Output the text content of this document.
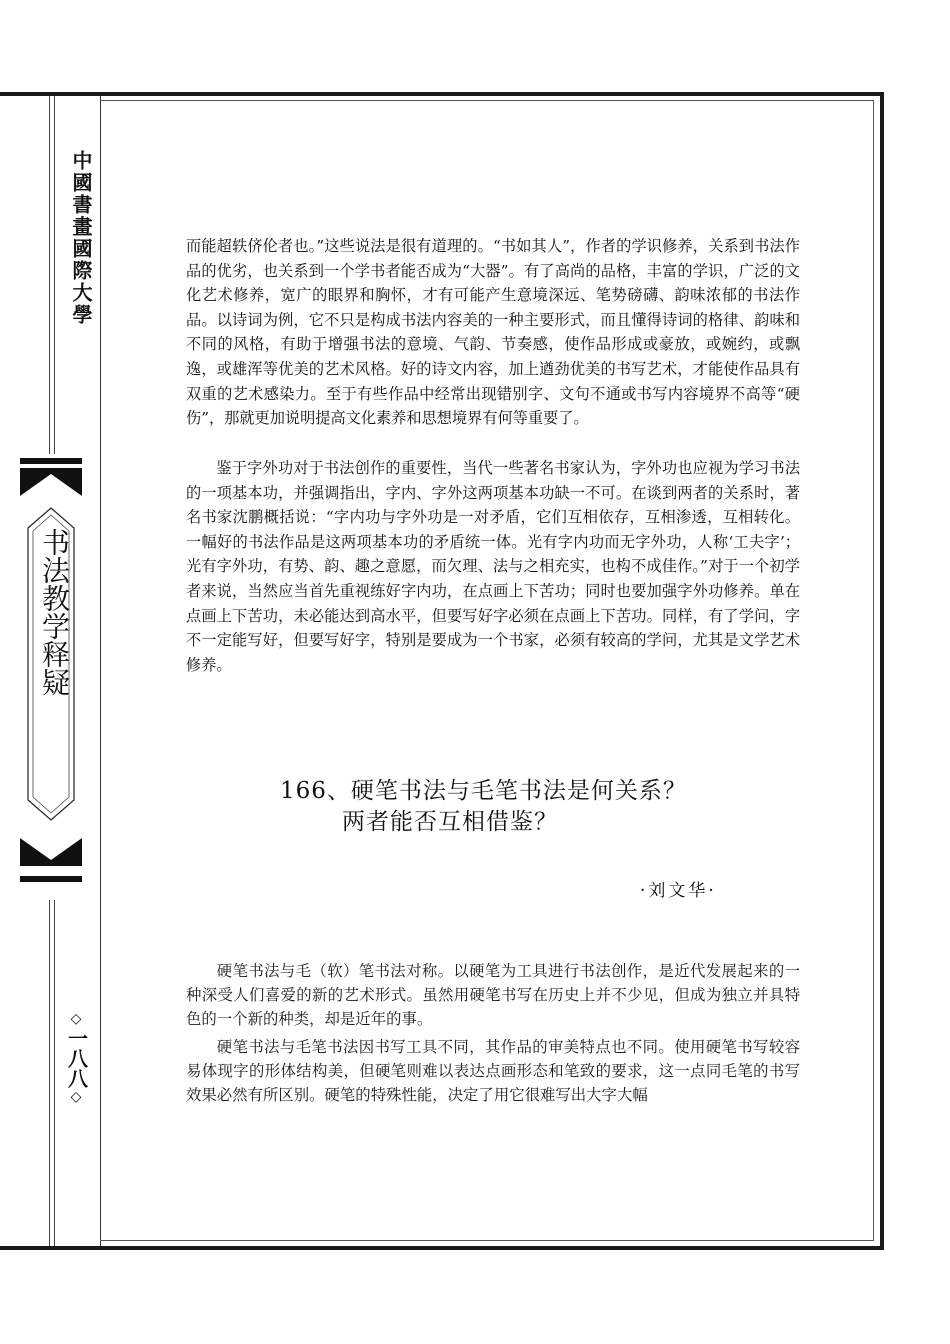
中國書畫國際大學
书法教学释疑
◇
一八八
◇
而能超轶侪伦者也。”这些说法是很有道理的。“书如其人”，作者的学识修养，关系到书法作品的优劣，也关系到一个学书者能否成为“大器”。有了高尚的品格，丰富的学识，广泛的文化艺术修养，宽广的眼界和胸怀，才有可能产生意境深远、笔势磅礴、韵味浓郁的书法作品。以诗词为例，它不只是构成书法内容美的一种主要形式，而且懂得诗词的格律、韵味和不同的风格，有助于增强书法的意境、气韵、节奏感，使作品形成或豪放，或婉约，或飘逸，或雄浑等优美的艺术风格。好的诗文内容，加上遒劲优美的书写艺术，才能使作品具有双重的艺术感染力。至于有些作品中经常出现错别字、文句不通或书写内容境界不高等“硬伤”，那就更加说明提高文化素养和思想境界有何等重要了。
鉴于字外功对于书法创作的重要性，当代一些著名书家认为，字外功也应视为学习书法的一项基本功，并强调指出，字内、字外这两项基本功缺一不可。在谈到两者的关系时，著名书家沈鹏概括说：“字内功与字外功是一对矛盾，它们互相依存，互相渗透，互相转化。一幅好的书法作品是这两项基本功的矛盾统一体。光有字内功而无字外功，人称‘工夫字’；光有字外功，有势、韵、趣之意愿，而欠理、法与之相充实，也构不成佳作。”对于一个初学者来说，当然应当首先重视练好字内功，在点画上下苦功；同时也要加强字外功修养。单在点画上下苦功，未必能达到高水平，但要写好字必须在点画上下苦功。同样，有了学问，字不一定能写好，但要写好字，特别是要成为一个书家，必须有较高的学问，尤其是文学艺术修养。
166、硬笔书法与毛笔书法是何关系？
两者能否互相借鉴？
·刘文华·
硬笔书法与毛（软）笔书法对称。以硬笔为工具进行书法创作，是近代发展起来的一种深受人们喜爱的新的艺术形式。虽然用硬笔书写在历史上并不少见，但成为独立并具特色的一个新的种类，却是近年的事。
硬笔书法与毛笔书法因书写工具不同，其作品的审美特点也不同。使用硬笔书写较容易体现字的形体结构美，但硬笔则难以表达点画形态和笔致的要求，这一点同毛笔的书写效果必然有所区别。硬笔的特殊性能，决定了用它很难写出大字大幅
